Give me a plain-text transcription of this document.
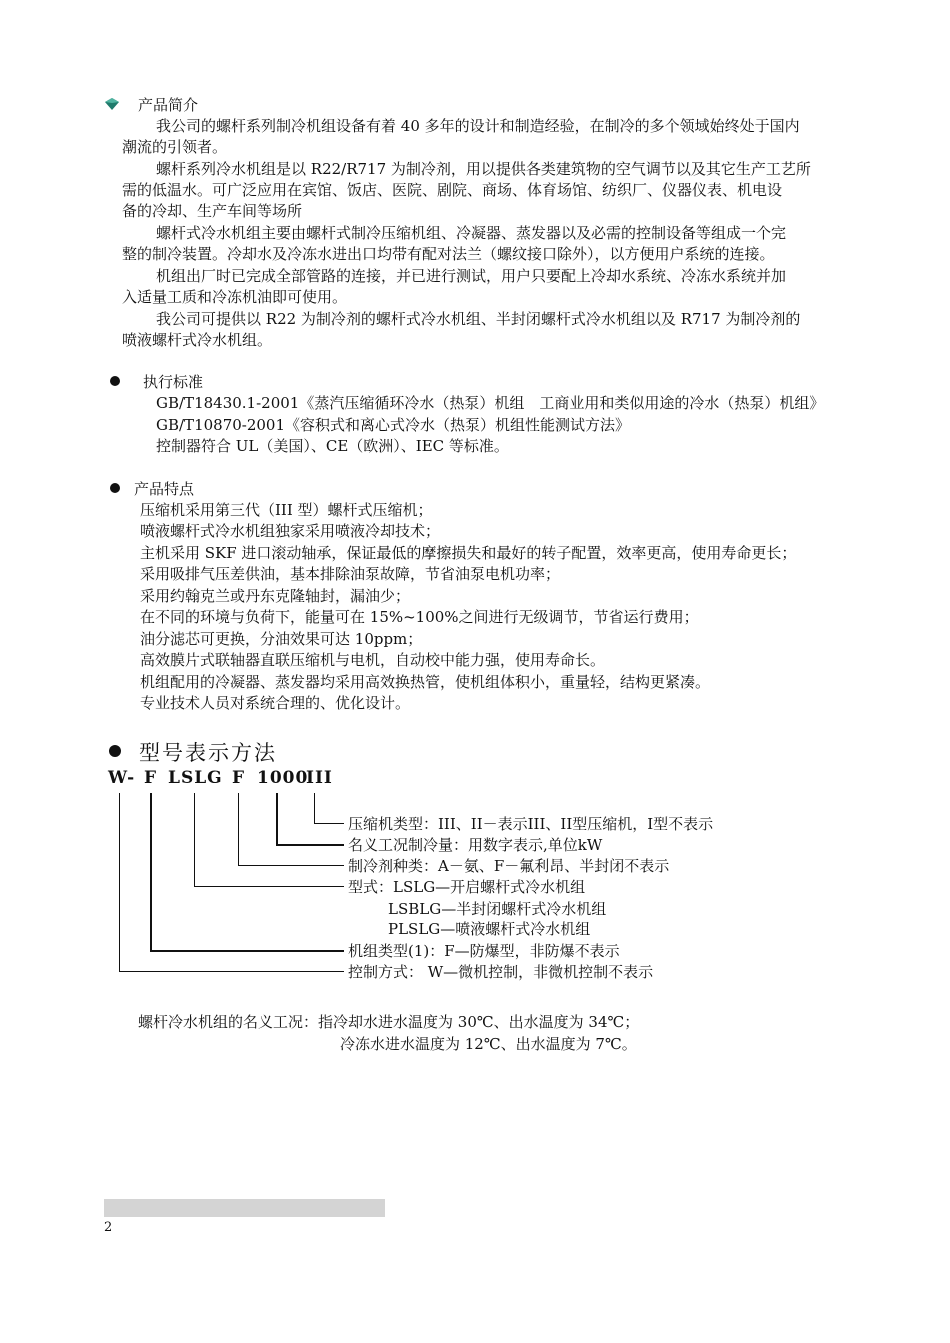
产品简介
我公司的螺杆系列制冷机组设备有着 40 多年的设计和制造经验，在制冷的多个领域始终处于国内
潮流的引领者。
螺杆系列冷水机组是以 R22/R717 为制冷剂，用以提供各类建筑物的空气调节以及其它生产工艺所
需的低温水。可广泛应用在宾馆、饭店、医院、剧院、商场、体育场馆、纺织厂、仪器仪表、机电设
备的冷却、生产车间等场所
螺杆式冷水机组主要由螺杆式制冷压缩机组、冷凝器、蒸发器以及必需的控制设备等组成一个完
整的制冷装置。冷却水及冷冻水进出口均带有配对法兰（螺纹接口除外），以方便用户系统的连接。
机组出厂时已完成全部管路的连接，并已进行测试，用户只要配上冷却水系统、冷冻水系统并加
入适量工质和冷冻机油即可使用。
我公司可提供以 R22 为制冷剂的螺杆式冷水机组、半封闭螺杆式冷水机组以及 R717 为制冷剂的
喷液螺杆式冷水机组。
执行标准
GB/T18430.1-2001《蒸汽压缩循环冷水（热泵）机组　工商业用和类似用途的冷水（热泵）机组》
GB/T10870-2001《容积式和离心式冷水（热泵）机组性能测试方法》
控制器符合 UL（美国）、CE（欧洲）、IEC 等标准。
产品特点
压缩机采用第三代（III 型）螺杆式压缩机；
喷液螺杆式冷水机组独家采用喷液冷却技术；
主机采用 SKF 进口滚动轴承，保证最低的摩擦损失和最好的转子配置，效率更高，使用寿命更长；
采用吸排气压差供油，基本排除油泵故障，节省油泵电机功率；
采用约翰克兰或丹东克隆轴封，漏油少；
在不同的环境与负荷下，能量可在 15%~100%之间进行无级调节，节省运行费用；
油分滤芯可更换，分油效果可达 10ppm；
高效膜片式联轴器直联压缩机与电机，自动校中能力强，使用寿命长。
机组配用的冷凝器、蒸发器均采用高效换热管，使机组体积小，重量轻，结构更紧凑。
专业技术人员对系统合理的、优化设计。
型号表示方法
W- F LSLG F 1000
III
压缩机类型：III、II－表示III、II型压缩机，I型不表示
名义工况制冷量：用数字表示,单位kW
制冷剂种类：A－氨、F－氟利昂、半封闭不表示
型式：LSLG—开启螺杆式冷水机组
LSBLG—半封闭螺杆式冷水机组
PLSLG—喷液螺杆式冷水机组
机组类型(1)：F—防爆型，非防爆不表示
控制方式： W—微机控制，非微机控制不表示
螺杆冷水机组的名义工况：指冷却水进水温度为 30℃、出水温度为 34℃；
冷冻水进水温度为 12℃、出水温度为 7℃。
2
